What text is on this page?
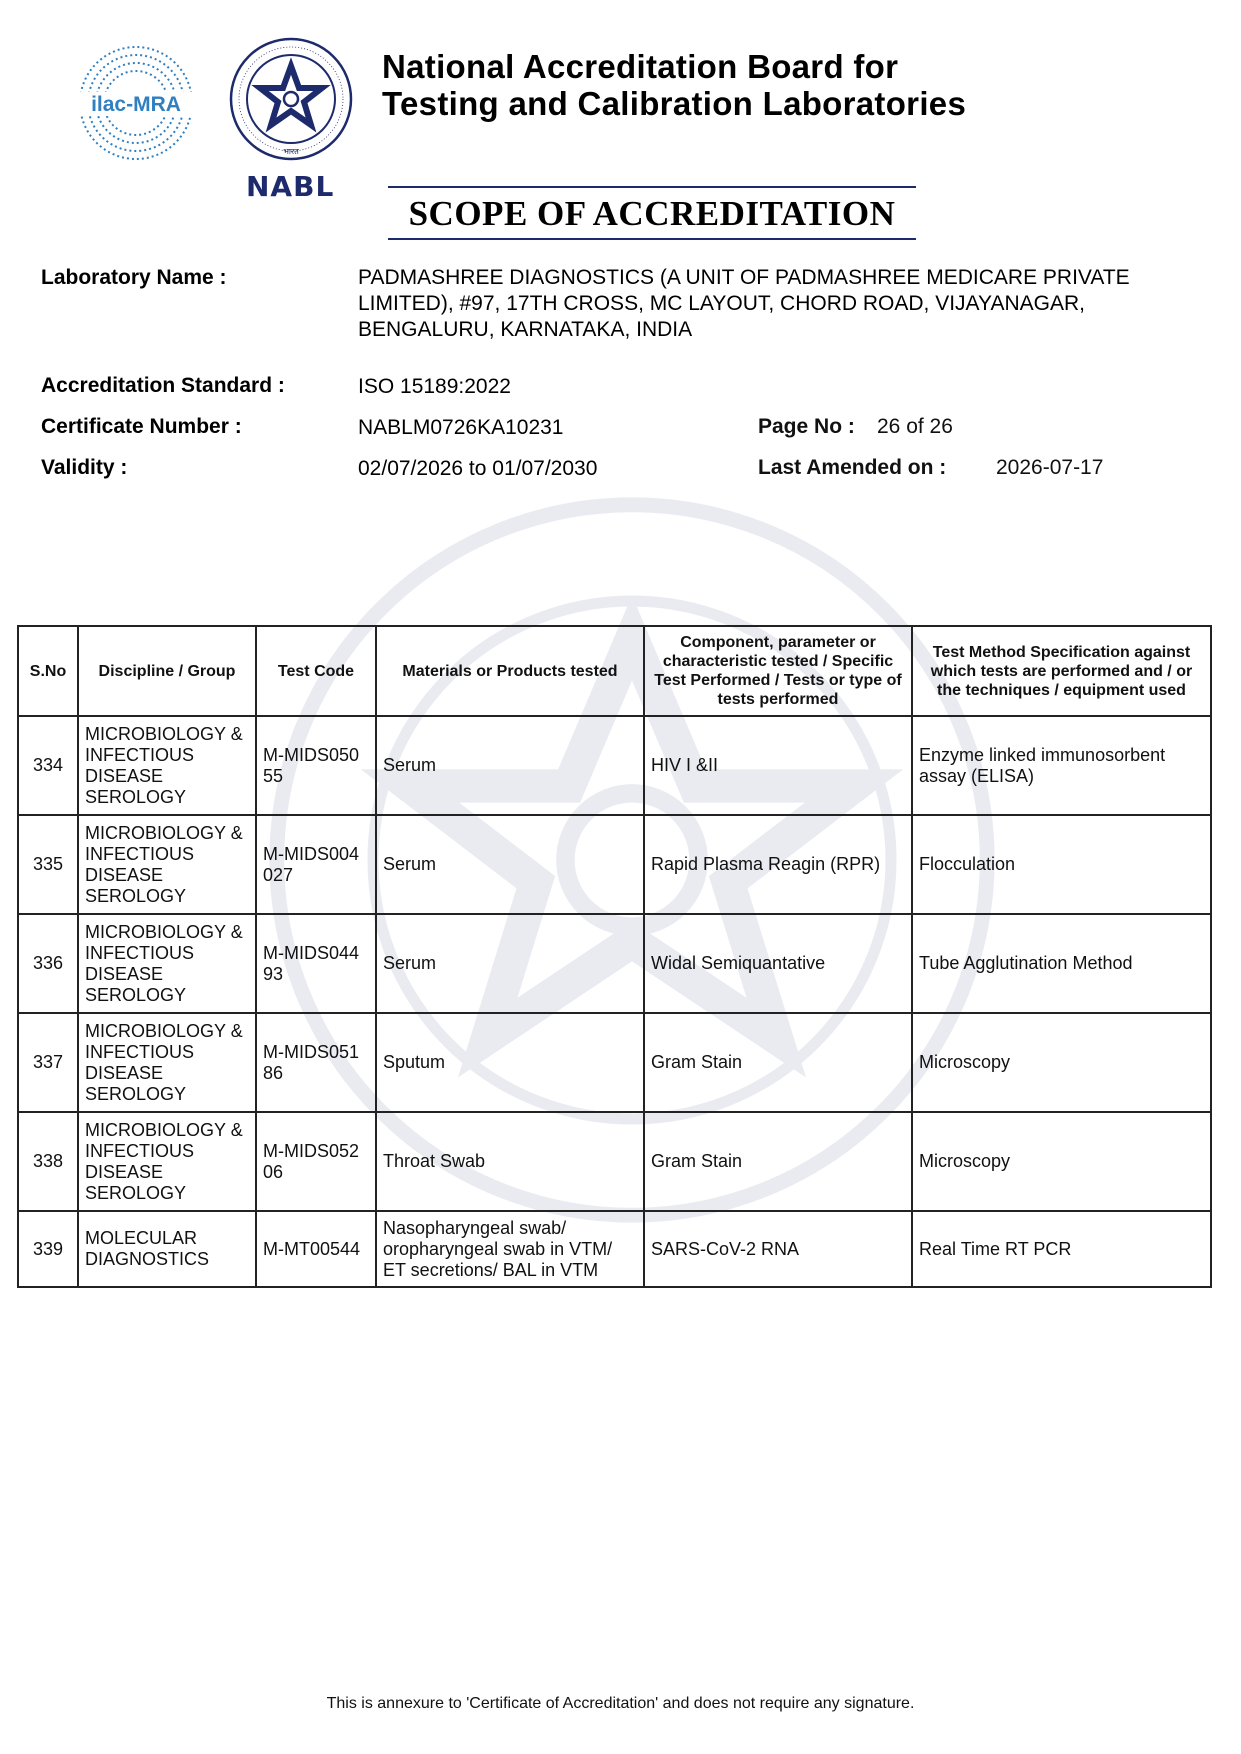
ilac-MRA
भारत
NABL
National Accreditation Board for
Testing and Calibration Laboratories
SCOPE OF ACCREDITATION
Laboratory Name :	PADMASHREE DIAGNOSTICS (A UNIT OF PADMASHREE MEDICARE PRIVATE LIMITED), #97, 17TH CROSS, MC LAYOUT, CHORD ROAD, VIJAYANAGAR, BENGALURU, KARNATAKA, INDIA
Accreditation Standard :	ISO 15189:2022
Certificate Number :	NABLM0726KA10231	Page No : 26 of 26
Validity :	02/07/2026 to 01/07/2030	Last Amended on : 2026-07-17
S.No	Discipline / Group	Test Code	Materials or Products tested	Component, parameter or characteristic tested / Specific Test Performed / Tests or type of tests performed	Test Method Specification against which tests are performed and / or the techniques / equipment used
334	MICROBIOLOGY & INFECTIOUS DISEASE SEROLOGY	M-MIDS05055	Serum	HIV I &II	Enzyme linked immunosorbent assay (ELISA)
335	MICROBIOLOGY & INFECTIOUS DISEASE SEROLOGY	M-MIDS004027	Serum	Rapid Plasma Reagin (RPR)	Flocculation
336	MICROBIOLOGY & INFECTIOUS DISEASE SEROLOGY	M-MIDS04493	Serum	Widal Semiquantative	Tube Agglutination Method
337	MICROBIOLOGY & INFECTIOUS DISEASE SEROLOGY	M-MIDS05186	Sputum	Gram Stain	Microscopy
338	MICROBIOLOGY & INFECTIOUS DISEASE SEROLOGY	M-MIDS05206	Throat Swab	Gram Stain	Microscopy
339	MOLECULAR DIAGNOSTICS	M-MT00544	Nasopharyngeal swab/ oropharyngeal swab in VTM/ ET secretions/ BAL in VTM	SARS-CoV-2 RNA	Real Time RT PCR
This is annexure to 'Certificate of Accreditation' and does not require any signature.
